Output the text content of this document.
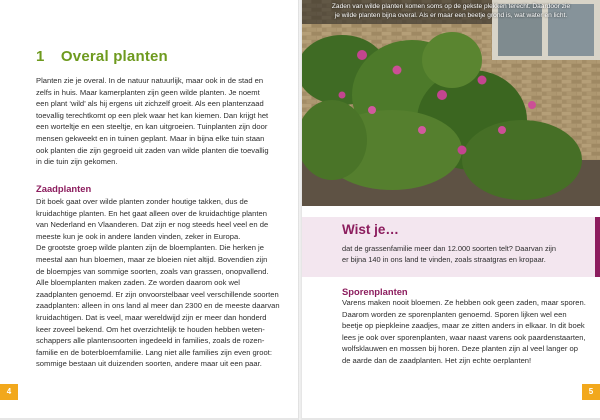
1 Overal planten
Planten zie je overal. In de natuur natuurlijk, maar ook in de stad en
zelfs in huis. Maar kamerplanten zijn geen wilde planten. Je noemt
een plant ‘wild’ als hij ergens uit zichzelf groeit. Als een plantenzaad
toevallig terechtkomt op een plek waar het kan kiemen. Dan krijgt het
een worteltje en een steeltje, en kan uitgroeien. Tuinplanten zijn door
mensen gekweekt en in tuinen geplant. Maar in bijna elke tuin staan
ook planten die zijn gegroeid uit zaden van wilde planten die toevallig
in die tuin zijn gekomen.
Zaadplanten
Dit boek gaat over wilde planten zonder houtige takken, dus de
kruidachtige planten. En het gaat alleen over de kruidachtige planten
van Nederland en Vlaanderen. Dat zijn er nog steeds heel veel en de
meeste kun je ook in andere landen vinden, zeker in Europa.
De grootste groep wilde planten zijn de bloemplanten. Die herken je
meestal aan hun bloemen, maar ze bloeien niet altijd. Bovendien zijn
de bloempjes van sommige soorten, zoals van grassen, onopvallend.
Alle bloemplanten maken zaden. Ze worden daarom ook wel
zaadplanten genoemd. Er zijn onvoorstelbaar veel verschillende soorten
zaadplanten: alleen in ons land al meer dan 2300 en de meeste daarvan
kruidachtigen. Dat is veel, maar wereldwijd zijn er meer dan honderd
keer zoveel bekend. Om het overzichtelijk te houden hebben weten-
schappers alle plantensoorten ingedeeld in families, zoals de rozen-
familie en de boterbloemfamilie. Lang niet alle families zijn even groot:
sommige bestaan uit duizenden soorten, andere maar uit een paar.
4
Zaden van wilde planten komen soms op de gekste plekken terecht. Daardoor zie
je wilde planten bijna overal. Als er maar een beetje grond is, wat water en licht.
Wist je…
dat de grassenfamilie meer dan 12.000 soorten telt? Daarvan zijn
er bijna 140 in ons land te vinden, zoals straatgras en kropaar.
Sporenplanten
Varens maken nooit bloemen. Ze hebben ook geen zaden, maar sporen.
Daarom worden ze sporenplanten genoemd. Sporen lijken wel een
beetje op piepkleine zaadjes, maar ze zitten anders in elkaar. In dit boek
lees je ook over sporenplanten, waar naast varens ook paardenstaarten,
wolfsklauwen en mossen bij horen. Deze planten zijn al veel langer op
de aarde dan de zaadplanten. Het zijn echte oerplanten!
5
